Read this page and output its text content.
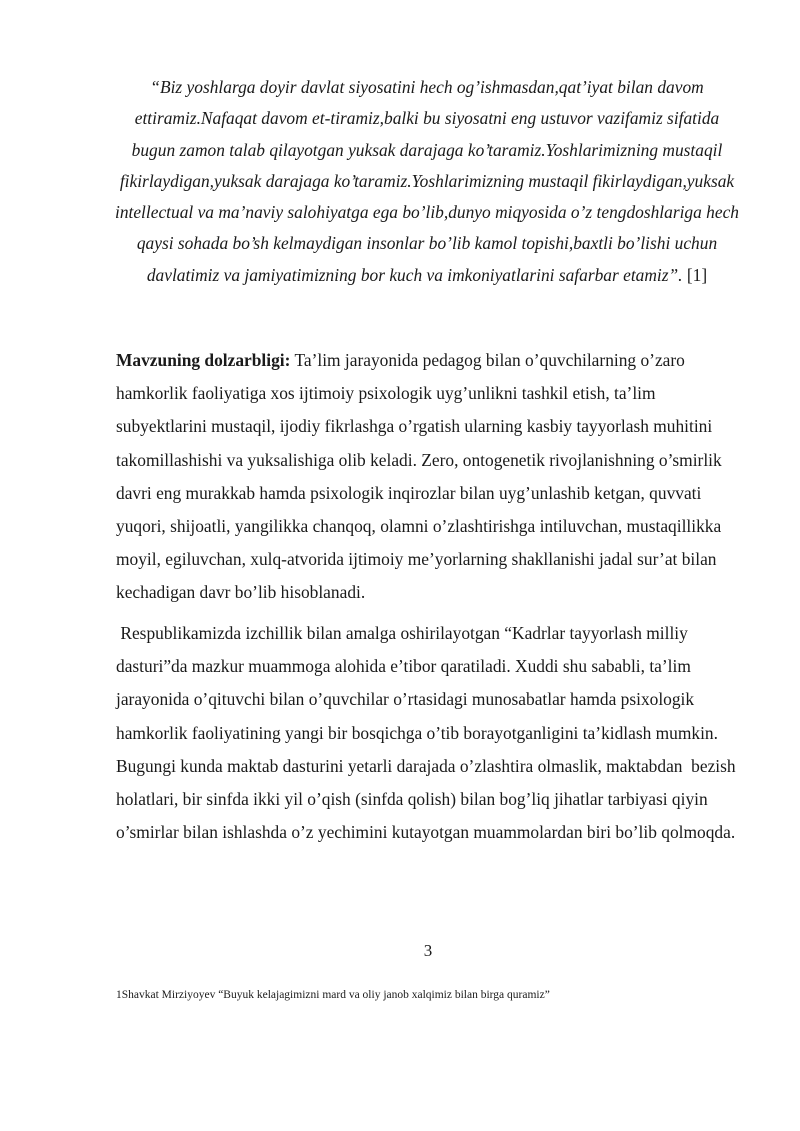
“Biz yoshlarga doyir davlat siyosatini hech og’ishmasdan,qat’iyat bilan davom ettiramiz.Nafaqat davom et-tiramiz,balki bu siyosatni eng ustuvor vazifamiz sifatida bugun zamon talab qilayotgan yuksak darajaga ko’taramiz.Yoshlarimizning mustaqil fikirlaydigan,yuksak darajaga ko’taramiz.Yoshlarimizning mustaqil fikirlaydigan,yuksak intellectual va ma’naviy salohiyatga ega bo’lib,dunyo miqyosida o’z tengdoshlariga hech qaysi sohada bo’sh kelmaydigan insonlar bo’lib kamol topishi,baxtli bo’lishi uchun davlatimiz va jamiyatimizning bor kuch va imkoniyatlarini safarbar etamiz”. [1]

Mavzuning dolzarbligi: Ta’lim jarayonida pedagog bilan o’quvchilarning o’zaro hamkorlik faoliyatiga xos ijtimoiy psixologik uyg’unlikni tashkil etish, ta’lim subyektlarini mustaqil, ijodiy fikrlashga o’rgatish ularning kasbiy tayyorlash muhitini takomillashishi va yuksalishiga olib keladi. Zero, ontogenetik rivojlanishning o’smirlik davri eng murakkab hamda psixologik inqirozlar bilan uyg’unlashib ketgan, quvvati yuqori, shijoatli, yangilikka chanqoq, olamni o’zlashtirishga intiluvchan, mustaqillikka moyil, egiluvchan, xulq-atvorida ijtimoiy me’yorlarning shakllanishi jadal sur’at bilan kechadigan davr bo’lib hisoblanadi.

Respublikamizda izchillik bilan amalga oshirilayotgan “Kadrlar tayyorlash milliy dasturi”da mazkur muammoga alohida e’tibor qaratiladi. Xuddi shu sababli, ta’lim jarayonida o’qituvchi bilan o’quvchilar o’rtasidagi munosabatlar hamda psixologik hamkorlik faoliyatining yangi bir bosqichga o’tib borayotganligini ta’kidlash mumkin. Bugungi kunda maktab dasturini yetarli darajada o’zlashtira olmaslik, maktabdan  bezish holatlari, bir sinfda ikki yil o’qish (sinfda qolish) bilan bog’liq jihatlar tarbiyasi qiyin o’smirlar bilan ishlashda o’z yechimini kutayotgan muammolardan biri bo’lib qolmoqda.

3

1Shavkat Mirziyoyev “Buyuk kelajagimizni mard va oliy janob xalqimiz bilan birga quramiz”
